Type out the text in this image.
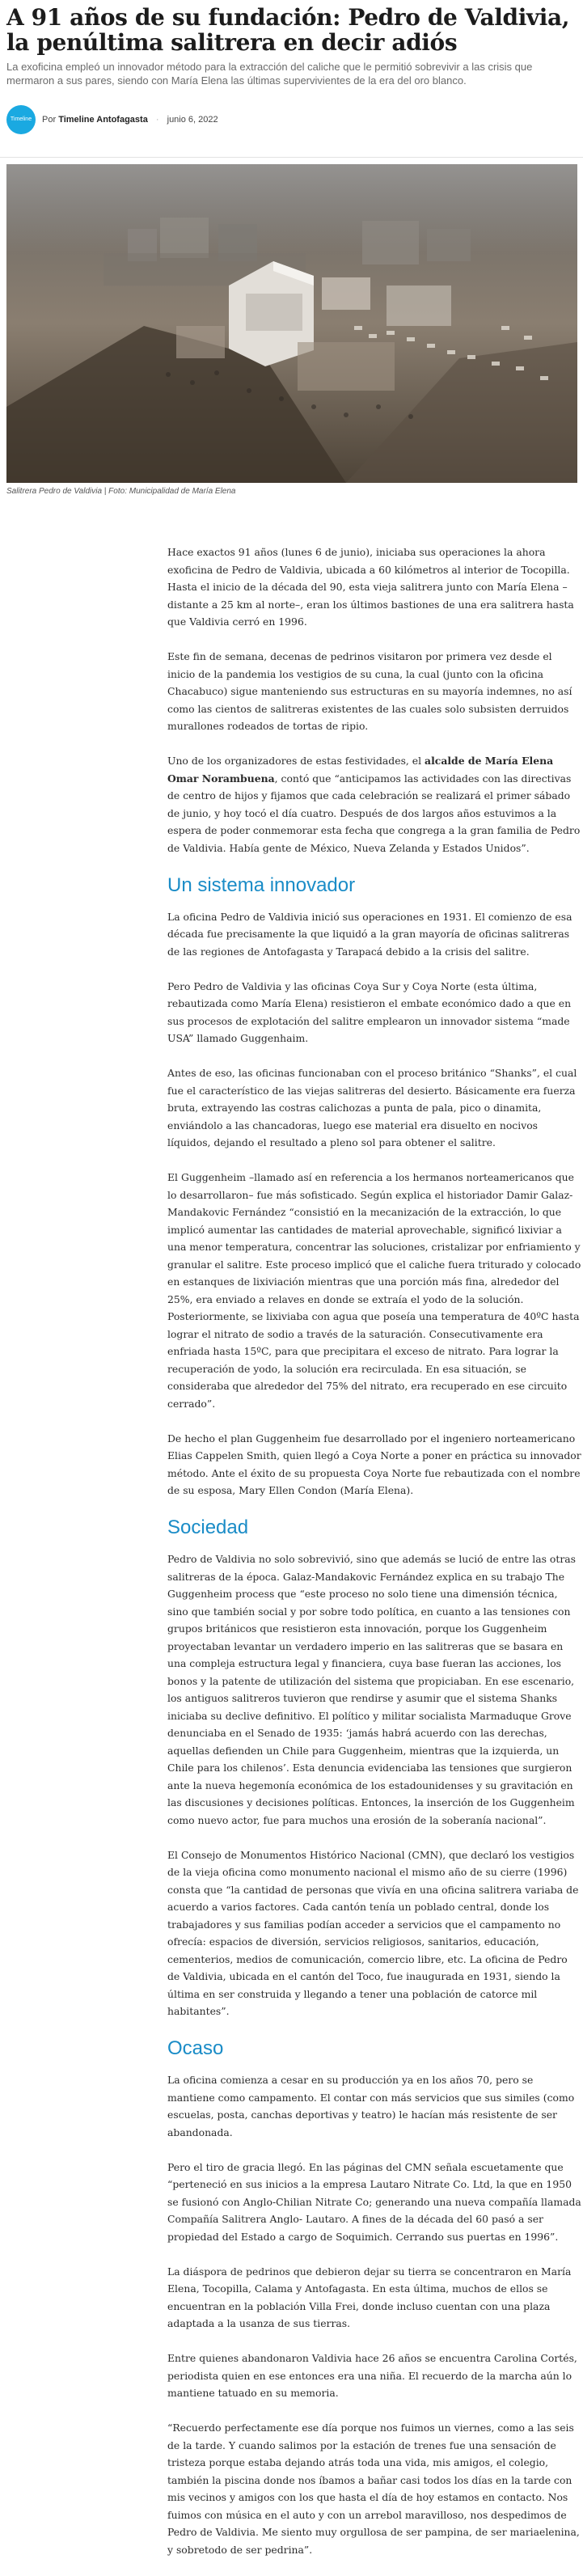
A 91 años de su fundación: Pedro de Valdivia, la penúltima salitrera en decir adiós

La exoficina empleó un innovador método para la extracción del caliche que le permitió sobrevivir a las crisis que mermaron a sus pares, siendo con María Elena las últimas supervivientes de la era del oro blanco.

Timeline	Por Timeline Antofagasta · junio 6, 2022
Salitrera Pedro de Valdivia | Foto: Municipalidad de María Elena

Hace exactos 91 años (lunes 6 de junio), iniciaba sus operaciones la ahora exoficina de Pedro de Valdivia, ubicada a 60 kilómetros al interior de Tocopilla. Hasta el inicio de la década del 90, esta vieja salitrera junto con María Elena –distante a 25 km al norte–, eran los últimos bastiones de una era salitrera hasta que Valdivia cerró en 1996.

Este fin de semana, decenas de pedrinos visitaron por primera vez desde el inicio de la pandemia los vestigios de su cuna, la cual (junto con la oficina Chacabuco) sigue manteniendo sus estructuras en su mayoría indemnes, no así como las cientos de salitreras existentes de las cuales solo subsisten derruidos murallones rodeados de tortas de ripio.

Uno de los organizadores de estas festividades, el alcalde de María Elena Omar Norambuena, contó que “anticipamos las actividades con las directivas de centro de hijos y fijamos que cada celebración se realizará el primer sábado de junio, y hoy tocó el día cuatro. Después de dos largos años estuvimos a la espera de poder conmemorar esta fecha que congrega a la gran familia de Pedro de Valdivia. Había gente de México, Nueva Zelanda y Estados Unidos”.

Un sistema innovador

La oficina Pedro de Valdivia inició sus operaciones en 1931. El comienzo de esa década fue precisamente la que liquidó a la gran mayoría de oficinas salitreras de las regiones de Antofagasta y Tarapacá debido a la crisis del salitre.

Pero Pedro de Valdivia y las oficinas Coya Sur y Coya Norte (esta última, rebautizada como María Elena) resistieron el embate económico dado a que en sus procesos de explotación del salitre emplearon un innovador sistema “made USA” llamado Guggenhaim.

Antes de eso, las oficinas funcionaban con el proceso británico “Shanks”, el cual fue el característico de las viejas salitreras del desierto. Básicamente era fuerza bruta, extrayendo las costras calichozas a punta de pala, pico o dinamita, enviándolo a las chancadoras, luego ese material era disuelto en nocivos líquidos, dejando el resultado a pleno sol para obtener el salitre.

El Guggenheim –llamado así en referencia a los hermanos norteamericanos que lo desarrollaron– fue más sofisticado. Según explica el historiador Damir Galaz-Mandakovic Fernández “consistió en la mecanización de la extracción, lo que implicó aumentar las cantidades de material aprovechable, significó lixiviar a una menor temperatura, concentrar las soluciones, cristalizar por enfriamiento y granular el salitre. Este proceso implicó que el caliche fuera triturado y colocado en estanques de lixiviación mientras que una porción más fina, alrededor del 25%, era enviado a relaves en donde se extraía el yodo de la solución. Posteriormente, se lixiviaba con agua que poseía una temperatura de 40ºC hasta lograr el nitrato de sodio a través de la saturación. Consecutivamente era enfriada hasta 15ºC, para que precipitara el exceso de nitrato. Para lograr la recuperación de yodo, la solución era recirculada. En esa situación, se consideraba que alrededor del 75% del nitrato, era recuperado en ese circuito cerrado”.

De hecho el plan Guggenheim fue desarrollado por el ingeniero norteamericano Elias Cappelen Smith, quien llegó a Coya Norte a poner en práctica su innovador método. Ante el éxito de su propuesta Coya Norte fue rebautizada con el nombre de su esposa, Mary Ellen Condon (María Elena).

Sociedad

Pedro de Valdivia no solo sobrevivió, sino que además se lució de entre las otras salitreras de la época. Galaz-Mandakovic Fernández explica en su trabajo The Guggenheim process que “este proceso no solo tiene una dimensión técnica, sino que también social y por sobre todo política, en cuanto a las tensiones con grupos británicos que resistieron esta innovación, porque los Guggenheim proyectaban levantar un verdadero imperio en las salitreras que se basara en una compleja estructura legal y financiera, cuya base fueran las acciones, los bonos y la patente de utilización del sistema que propiciaban. En ese escenario, los antiguos salitreros tuvieron que rendirse y asumir que el sistema Shanks iniciaba su declive definitivo. El político y militar socialista Marmaduque Grove denunciaba en el Senado de 1935: ‘jamás habrá acuerdo con las derechas, aquellas defienden un Chile para Guggenheim, mientras que la izquierda, un Chile para los chilenos’. Esta denuncia evidenciaba las tensiones que surgieron ante la nueva hegemonía económica de los estadounidenses y su gravitación en las discusiones y decisiones políticas. Entonces, la inserción de los Guggenheim como nuevo actor, fue para muchos una erosión de la soberanía nacional”.

El Consejo de Monumentos Histórico Nacional (CMN), que declaró los vestigios de la vieja oficina como monumento nacional el mismo año de su cierre (1996) consta que “la cantidad de personas que vivía en una oficina salitrera variaba de acuerdo a varios factores. Cada cantón tenía un poblado central, donde los trabajadores y sus familias podían acceder a servicios que el campamento no ofrecía: espacios de diversión, servicios religiosos, sanitarios, educación, cementerios, medios de comunicación, comercio libre, etc. La oficina de Pedro de Valdivia, ubicada en el cantón del Toco, fue inaugurada en 1931, siendo la última en ser construida y llegando a tener una población de catorce mil habitantes”.

Ocaso

La oficina comienza a cesar en su producción ya en los años 70, pero se mantiene como campamento. El contar con más servicios que sus similes (como escuelas, posta, canchas deportivas y teatro) le hacían más resistente de ser abandonada.

Pero el tiro de gracia llegó. En las páginas del CMN señala escuetamente que “perteneció en sus inicios a la empresa Lautaro Nitrate Co. Ltd, la que en 1950 se fusionó con Anglo-Chilian Nitrate Co; generando una nueva compañía llamada Compañía Salitrera Anglo- Lautaro. A fines de la década del 60 pasó a ser propiedad del Estado a cargo de Soquimich. Cerrando sus puertas en 1996”.

La diáspora de pedrinos que debieron dejar su tierra se concentraron en María Elena, Tocopilla, Calama y Antofagasta. En esta última, muchos de ellos se encuentran en la población Villa Frei, donde incluso cuentan con una plaza adaptada a la usanza de sus tierras.

Entre quienes abandonaron Valdivia hace 26 años se encuentra Carolina Cortés, periodista quien en ese entonces era una niña. El recuerdo de la marcha aún lo mantiene tatuado en su memoria.

“Recuerdo perfectamente ese día porque nos fuimos un viernes, como a las seis de la tarde. Y cuando salimos por la estación de trenes fue una sensación de tristeza porque estaba dejando atrás toda una vida, mis amigos, el colegio, también la piscina donde nos íbamos a bañar casi todos los días en la tarde con mis vecinos y amigos con los que hasta el día de hoy estamos en contacto. Nos fuimos con música en el auto y con un arrebol maravilloso, nos despedimos de Pedro de Valdivia. Me siento muy orgullosa de ser pampina, de ser mariaelenina, y sobretodo de ser pedrina”.
